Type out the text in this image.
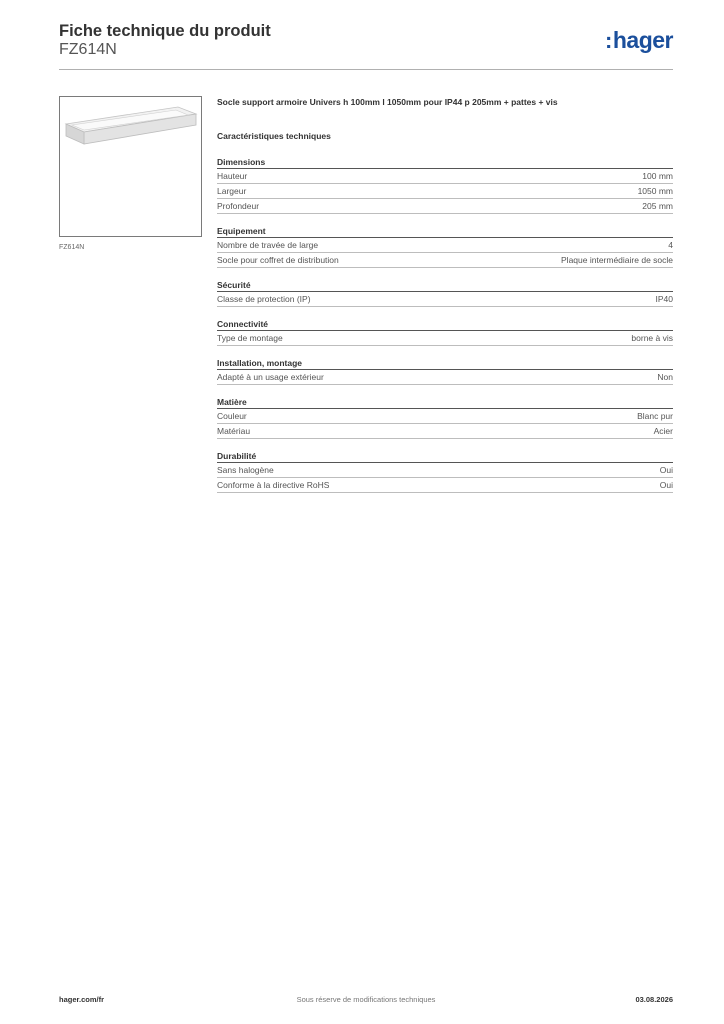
Fiche technique du produit
FZ614N	:hager
FZ614N
Socle support armoire Univers h 100mm l 1050mm pour IP44 p 205mm + pattes + vis
Caractéristiques techniques
Dimensions
Hauteur	100 mm
Largeur	1050 mm
Profondeur	205 mm
Equipement
Nombre de travée de large	4
Socle pour coffret de distribution	Plaque intermédiaire de socle
Sécurité
Classe de protection (IP)	IP40
Connectivité
Type de montage	borne à vis
Installation, montage
Adapté à un usage extérieur	Non
Matière
Couleur	Blanc pur
Matériau	Acier
Durabilité
Sans halogène	Oui
Conforme à la directive RoHS	Oui
hager.com/fr	Sous réserve de modifications techniques	03.08.2026
